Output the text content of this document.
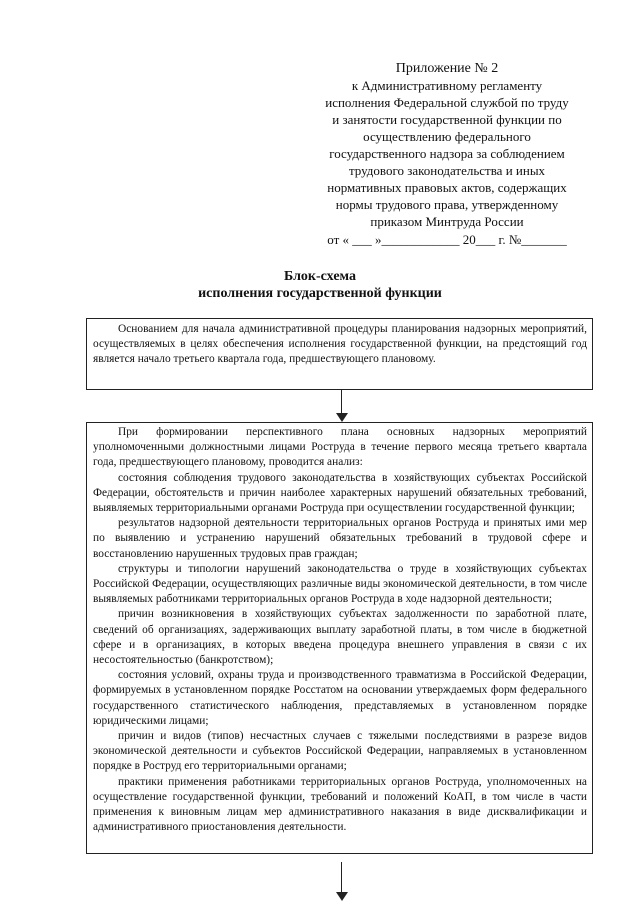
Приложение № 2
к Административному регламенту
исполнения Федеральной службой по труду
и занятости государственной функции по
осуществлению федерального
государственного надзора за соблюдением
трудового законодательства и иных
нормативных правовых актов, содержащих
нормы трудового права, утвержденному
приказом Минтруда России
от « ___ »____________ 20___ г. №_______
Блок-схема
исполнения государственной функции

Основанием для начала административной процедуры планирования надзорных мероприятий, осуществляемых в целях обеспечения исполнения государственной функции, на предстоящий год является начало третьего квартала года, предшествующего плановому.

При формировании перспективного плана основных надзорных мероприятий уполномоченными должностными лицами Роструда в течение первого месяца третьего квартала года, предшествующего плановому, проводится анализ:

состояния соблюдения трудового законодательства в хозяйствующих субъектах Российской Федерации, обстоятельств и причин наиболее характерных нарушений обязательных требований, выявляемых территориальными органами Роструда при осуществлении государственной функции;

результатов надзорной деятельности территориальных органов Роструда и принятых ими мер по выявлению и устранению нарушений обязательных требований в трудовой сфере и восстановлению нарушенных трудовых прав граждан;

структуры и типологии нарушений законодательства о труде в хозяйствующих субъектах Российской Федерации, осуществляющих различные виды экономической деятельности, в том числе выявляемых работниками территориальных органов Роструда в ходе надзорной деятельности;

причин возникновения в хозяйствующих субъектах задолженности по заработной плате, сведений об организациях, задерживающих выплату заработной платы, в том числе в бюджетной сфере и в организациях, в которых введена процедура внешнего управления в связи с их несостоятельностью (банкротством);

состояния условий, охраны труда и производственного травматизма в Российской Федерации, формируемых в установленном порядке Росстатом на основании утверждаемых форм федерального государственного статистического наблюдения, представляемых в установленном порядке юридическими лицами;

причин и видов (типов) несчастных случаев с тяжелыми последствиями в разрезе видов экономической деятельности и субъектов Российской Федерации, направляемых в установленном порядке в Роструд его территориальными органами;

практики применения работниками территориальных органов Роструда, уполномоченных на осуществление государственной функции, требований и положений КоАП, в том числе в части применения к виновным лицам мер административного наказания в виде дисквалификации и административного приостановления деятельности.
